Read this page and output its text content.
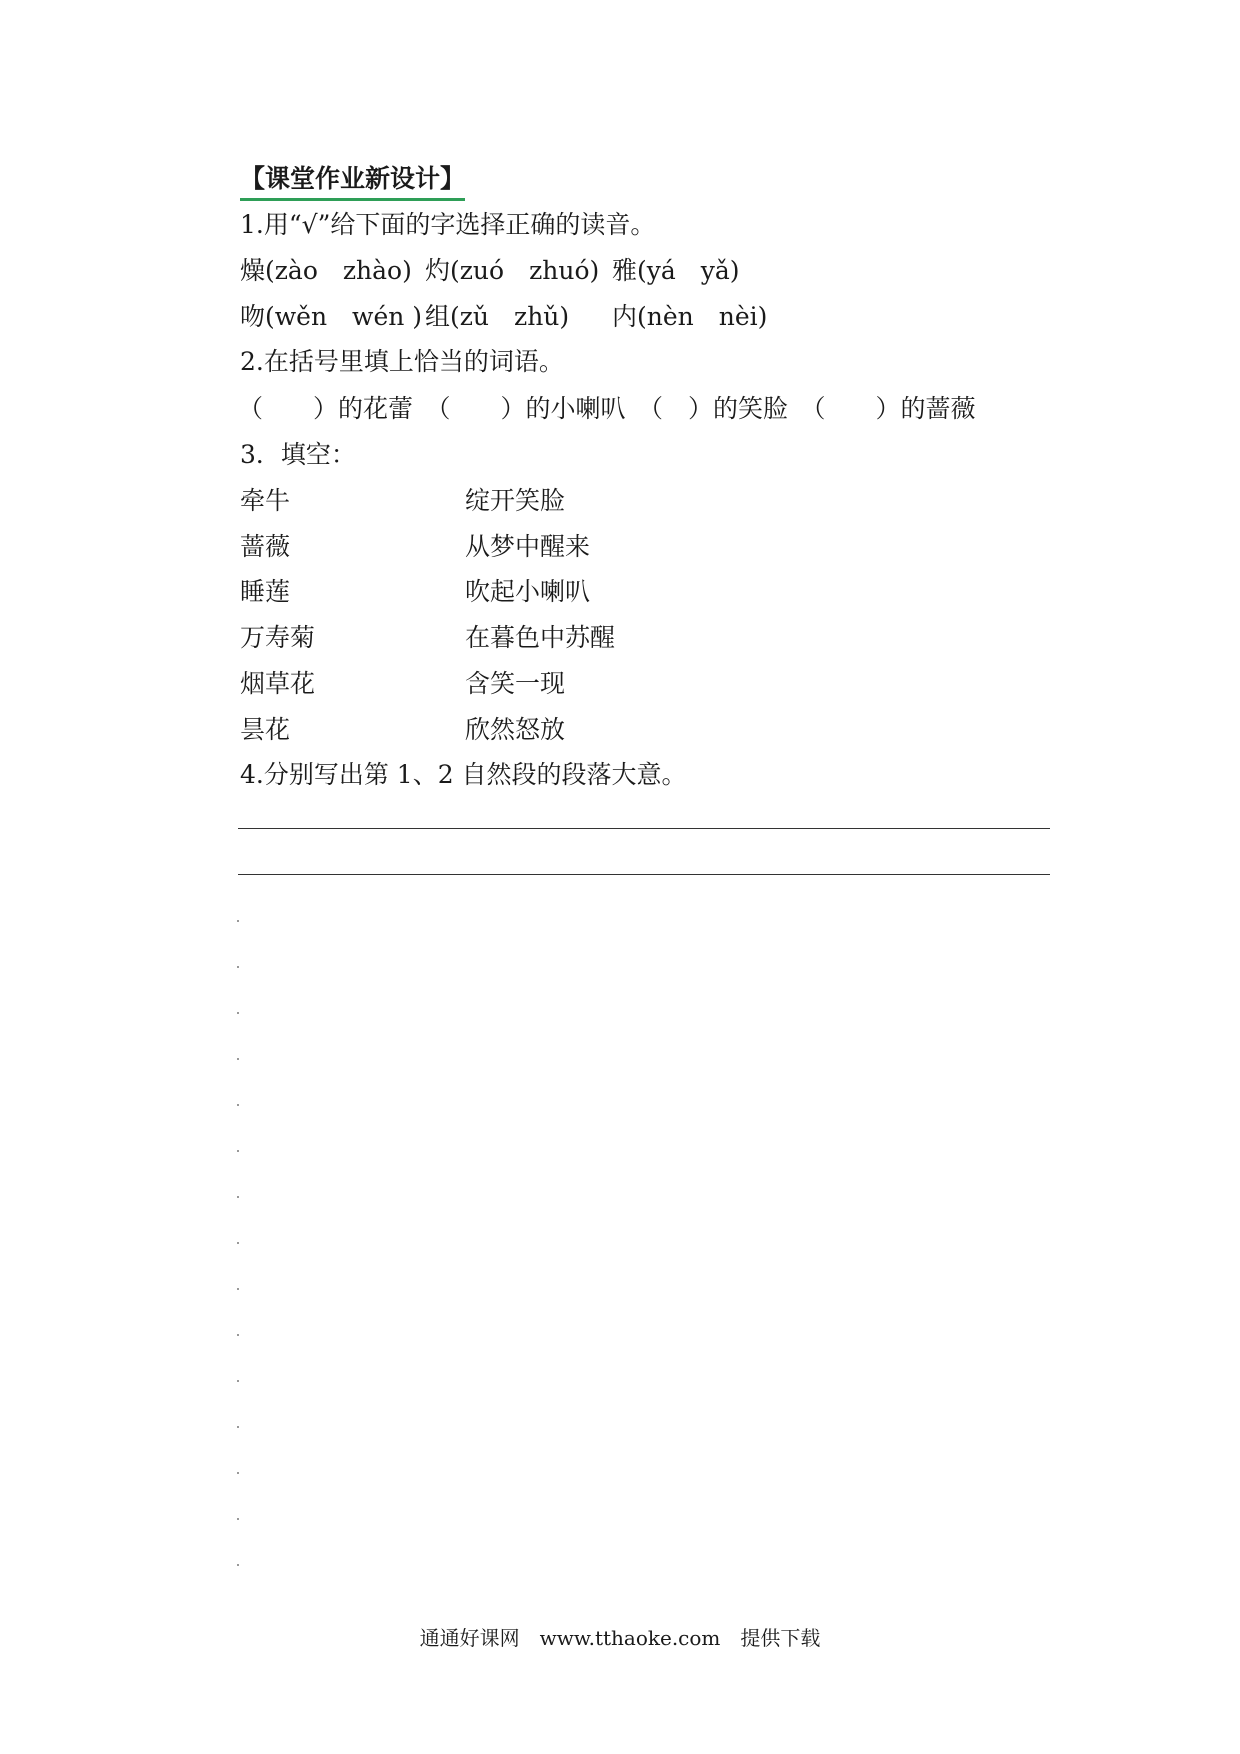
【课堂作业新设计】
1.用“√”给下面的字选择正确的读音。
燥(zào　zhào) 灼(zuó　zhuó) 雅(yá　yǎ)
吻(wěn　wén ) 组(zǔ　zhǔ) 内(nèn　nèi)
2.在括号里填上恰当的词语。
（　　）的花蕾　（　　）的小喇叭　（　）的笑脸　（　　）的蔷薇
3．填空：
牵牛	绽开笑脸
蔷薇	从梦中醒来
睡莲	吹起小喇叭
万寿菊	在暮色中苏醒
烟草花	含笑一现
昙花	欣然怒放
4.分别写出第 1、2 自然段的段落大意。
通通好课网　www.tthaoke.com　提供下载
